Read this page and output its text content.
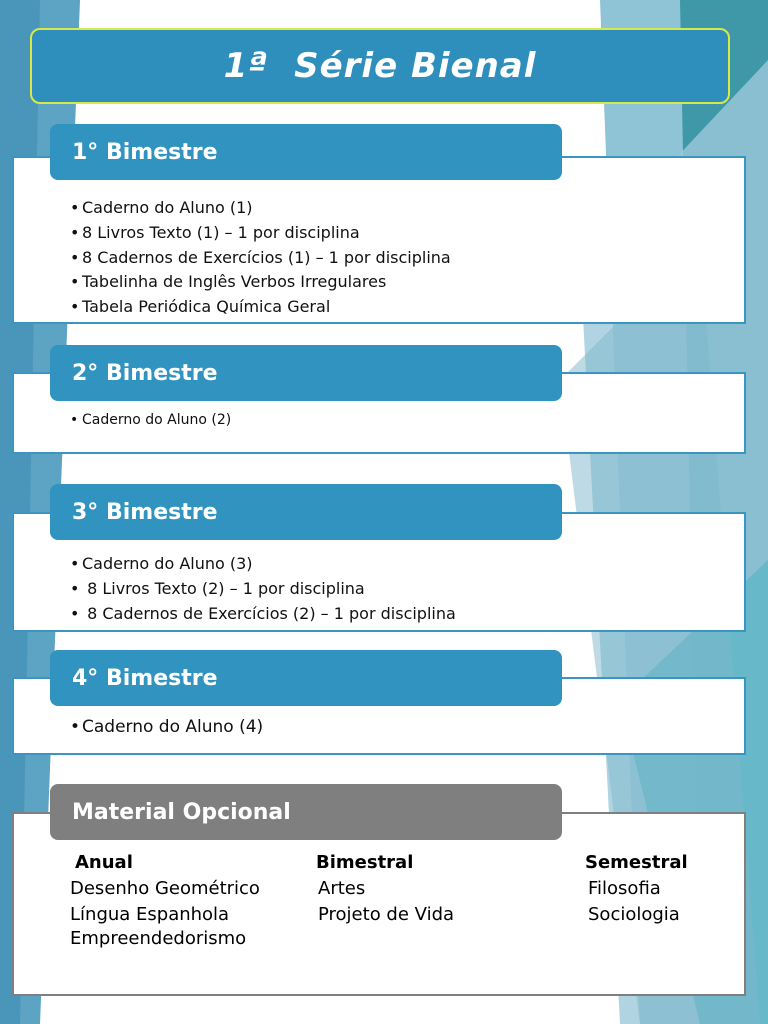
1ª  Série Bienal
1° Bimestre
• Caderno do Aluno (1)
• 8 Livros Texto (1) – 1 por disciplina
• 8 Cadernos de Exercícios (1) – 1 por disciplina
• Tabelinha de Inglês Verbos Irregulares
• Tabela Periódica Química Geral
2° Bimestre
• Caderno do Aluno (2)
3° Bimestre
• Caderno do Aluno (3)
• 8 Livros Texto (2) – 1 por disciplina
• 8 Cadernos de Exercícios (2) – 1 por disciplina
4° Bimestre
• Caderno do Aluno (4)
Material Opcional
Anual
Desenho Geométrico
Língua Espanhola
Empreendedorismo
Bimestral
Artes
Projeto de Vida
Semestral
Filosofia
Sociologia
